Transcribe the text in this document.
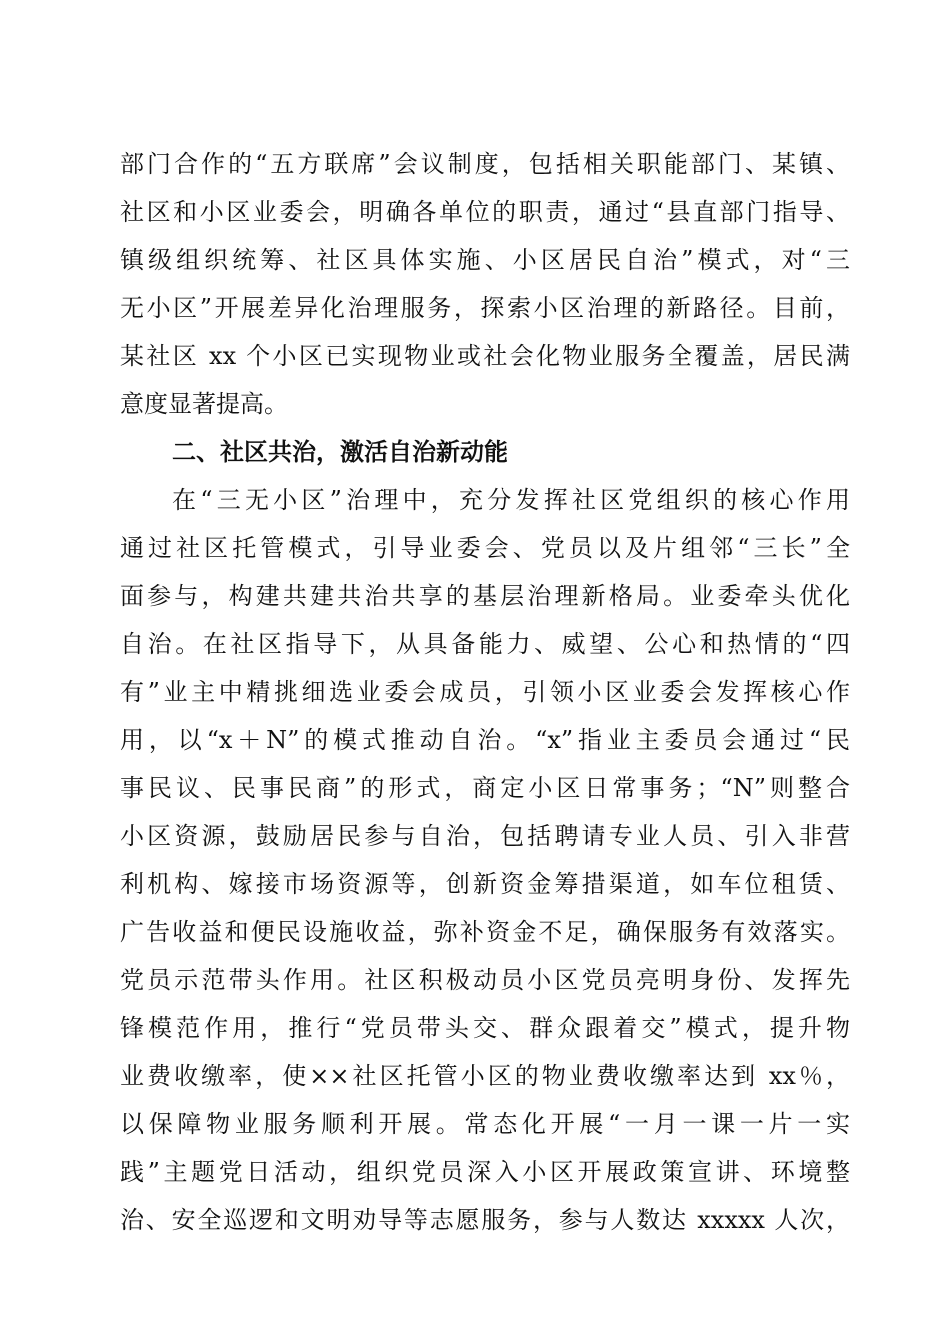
部门合作的“五方联席”会议制度，包括相关职能部门、某镇、
社区和小区业委会，明确各单位的职责，通过“县直部门指导、
镇级组织统筹、社区具体实施、小区居民自治”模式，对“三
无小区”开展差异化治理服务，探索小区治理的新路径。目前，
某社区 xx 个小区已实现物业或社会化物业服务全覆盖，居民满
意度显著提高。
二、社区共治，激活自治新动能
在“三无小区”治理中，充分发挥社区党组织的核心作用
通过社区托管模式，引导业委会、党员以及片组邻“三长”全
面参与，构建共建共治共享的基层治理新格局。业委牵头优化
自治。在社区指导下，从具备能力、威望、公心和热情的“四
有”业主中精挑细选业委会成员，引领小区业委会发挥核心作
用，以“x＋N”的模式推动自治。“x”指业主委员会通过“民
事民议、民事民商”的形式，商定小区日常事务；“N”则整合
小区资源，鼓励居民参与自治，包括聘请专业人员、引入非营
利机构、嫁接市场资源等，创新资金筹措渠道，如车位租赁、
广告收益和便民设施收益，弥补资金不足，确保服务有效落实。
党员示范带头作用。社区积极动员小区党员亮明身份、发挥先
锋模范作用，推行“党员带头交、群众跟着交”模式，提升物
业费收缴率，使××社区托管小区的物业费收缴率达到 xx％，
以保障物业服务顺利开展。常态化开展“一月一课一片一实
践”主题党日活动，组织党员深入小区开展政策宣讲、环境整
治、安全巡逻和文明劝导等志愿服务，参与人数达 xxxxx 人次，
